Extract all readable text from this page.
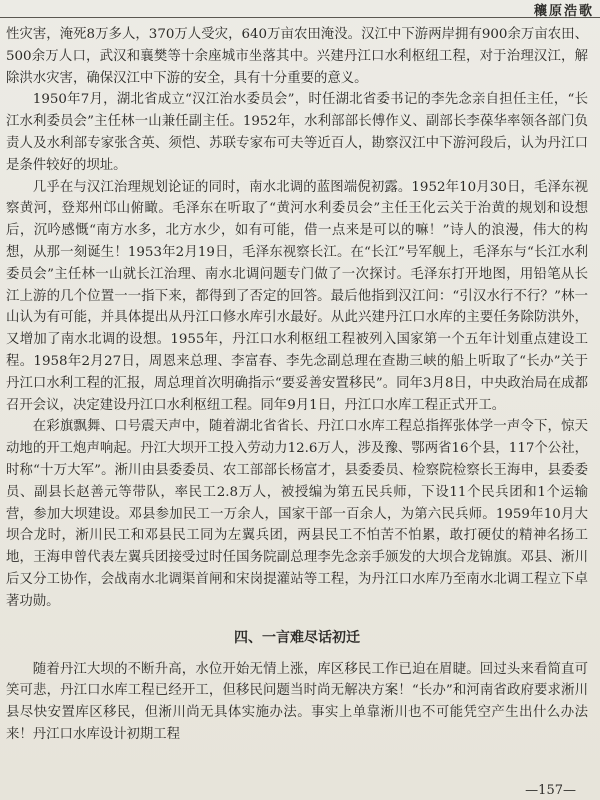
穰原浩歌

性灾害，淹死8万多人，370万人受灾，640万亩农田淹没。汉江中下游两岸拥有900余万亩农田、500余万人口，武汉和襄樊等十余座城市坐落其中。兴建丹江口水利枢纽工程，对于治理汉江，解除洪水灾害，确保汉江中下游的安全，具有十分重要的意义。

1950年7月，湖北省成立“汉江治水委员会”，时任湖北省委书记的李先念亲自担任主任，“长江水利委员会”主任林一山兼任副主任。1952年，水利部部长傅作义、副部长李葆华率领各部门负责人及水利部专家张含英、须恺、苏联专家布可夫等近百人，勘察汉江中下游河段后，认为丹江口是条件较好的坝址。

几乎在与汉江治理规划论证的同时，南水北调的蓝图端倪初露。1952年10月30日，毛泽东视察黄河，登郑州邙山俯瞰。毛泽东在听取了“黄河水利委员会”主任王化云关于治黄的规划和设想后，沉吟感慨“南方水多，北方水少，如有可能，借一点来是可以的嘛！”诗人的浪漫，伟大的构想，从那一刻诞生！1953年2月19日，毛泽东视察长江。在“长江”号军舰上，毛泽东与“长江水利委员会”主任林一山就长江治理、南水北调问题专门做了一次探讨。毛泽东打开地图，用铅笔从长江上游的几个位置一一指下来，都得到了否定的回答。最后他指到汉江问：“引汉水行不行？”林一山认为有可能，并具体提出从丹江口修水库引水最好。从此兴建丹江口水库的主要任务除防洪外，又增加了南水北调的设想。1955年，丹江口水利枢纽工程被列入国家第一个五年计划重点建设工程。1958年2月27日，周恩来总理、李富春、李先念副总理在查勘三峡的船上听取了“长办”关于丹江口水利工程的汇报，周总理首次明确指示“要妥善安置移民”。同年3月8日，中央政治局在成都召开会议，决定建设丹江口水利枢纽工程。同年9月1日，丹江口水库工程正式开工。

在彩旗飘舞、口号震天声中，随着湖北省省长、丹江口水库工程总指挥张体学一声令下，惊天动地的开工炮声响起。丹江大坝开工投入劳动力12.6万人，涉及豫、鄂两省16个县，117个公社，时称“十万大军”。淅川由县委委员、农工部部长杨富才，县委委员、检察院检察长王海申，县委委员、副县长赵善元等带队，率民工2.8万人，被授编为第五民兵师，下设11个民兵团和1个运输营，参加大坝建设。邓县参加民工一万余人，国家干部一百余人，为第六民兵师。1959年10月大坝合龙时，淅川民工和邓县民工同为左翼兵团，两县民工不怕苦不怕累，敢打硬仗的精神名扬工地，王海申曾代表左翼兵团接受过时任国务院副总理李先念亲手颁发的大坝合龙锦旗。邓县、淅川后又分工协作，会战南水北调渠首闸和宋岗提灌站等工程，为丹江口水库乃至南水北调工程立下卓著功勋。

四、一言难尽话初迁

随着丹江大坝的不断升高，水位开始无情上涨，库区移民工作已迫在眉睫。回过头来看简直可笑可悲，丹江口水库工程已经开工，但移民问题当时尚无解决方案！“长办”和河南省政府要求淅川县尽快安置库区移民，但淅川尚无具体实施办法。事实上单靠淅川也不可能凭空产生出什么办法来！丹江口水库设计初期工程

—157—
